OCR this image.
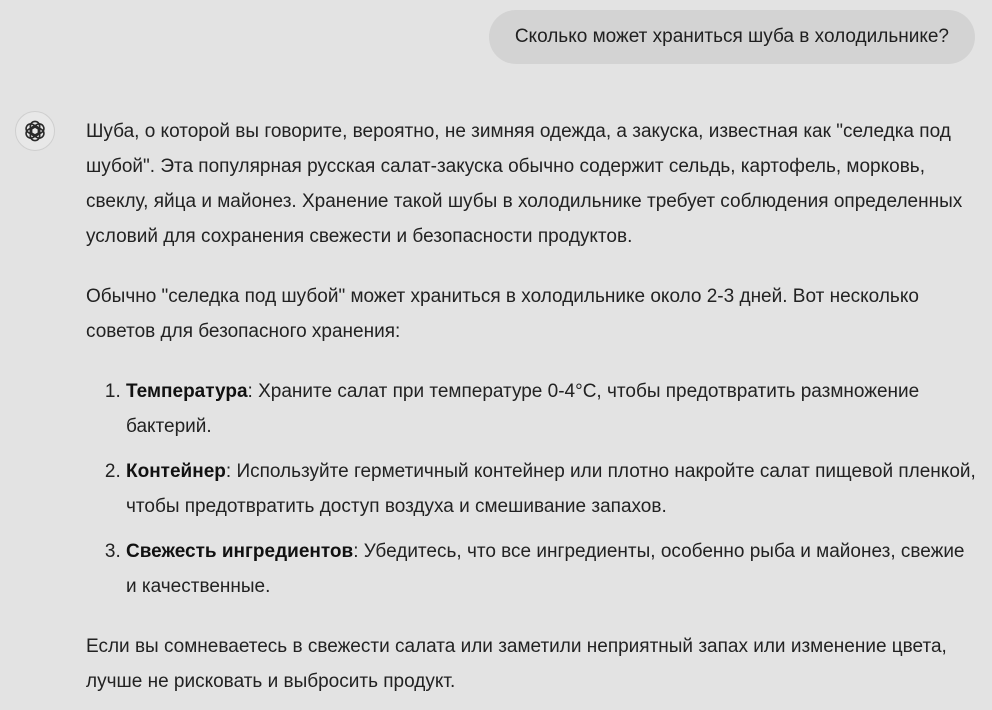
Сколько может храниться шуба в холодильнике?

Шуба, о которой вы говорите, вероятно, не зимняя одежда, а закуска, известная как "селедка под шубой". Эта популярная русская салат-закуска обычно содержит сельдь, картофель, морковь, свеклу, яйца и майонез. Хранение такой шубы в холодильнике требует соблюдения определенных условий для сохранения свежести и безопасности продуктов.

Обычно "селедка под шубой" может храниться в холодильнике около 2-3 дней. Вот несколько советов для безопасного хранения:

1. Температура: Храните салат при температуре 0-4°C, чтобы предотвратить размножение бактерий.
2. Контейнер: Используйте герметичный контейнер или плотно накройте салат пищевой пленкой, чтобы предотвратить доступ воздуха и смешивание запахов.
3. Свежесть ингредиентов: Убедитесь, что все ингредиенты, особенно рыба и майонез, свежие и качественные.

Если вы сомневаетесь в свежести салата или заметили неприятный запах или изменение цвета, лучше не рисковать и выбросить продукт.
